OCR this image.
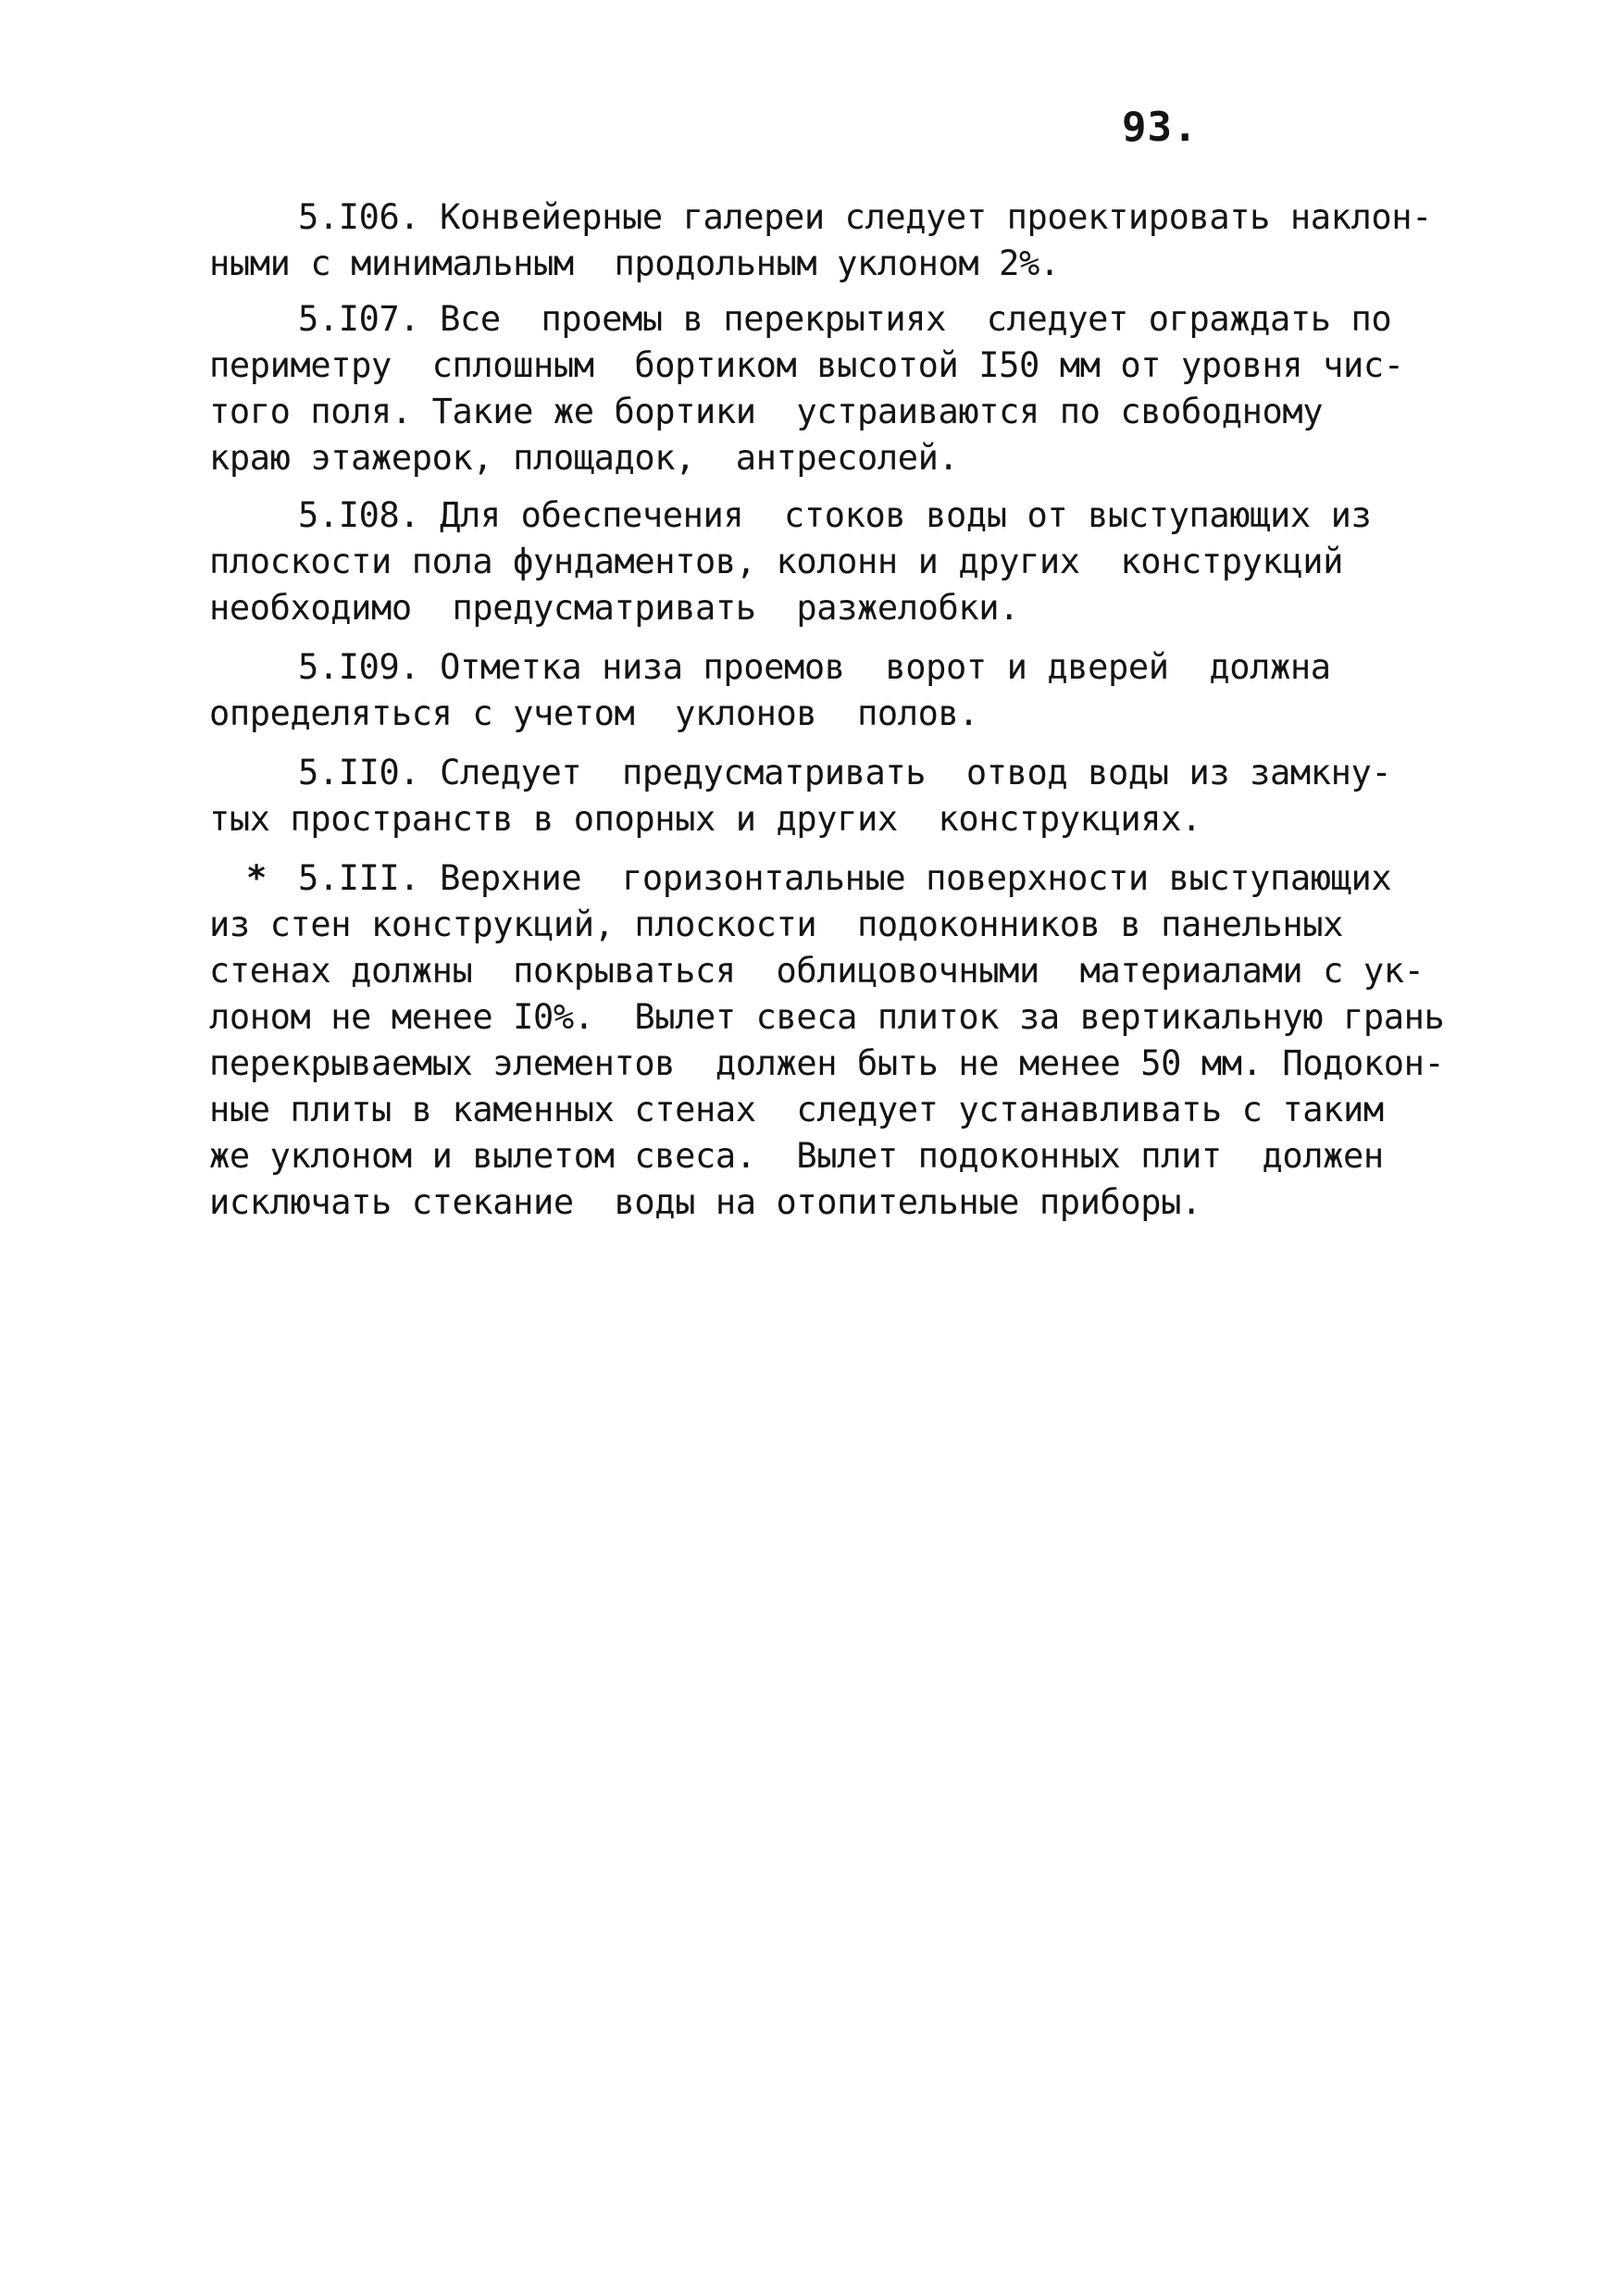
93.
5.I06. Конвейерные галереи следует проектировать наклон-
ными с минимальным  продольным уклоном 2%.
5.I07. Все  проемы в перекрытиях  следует ограждать по
периметру  сплошным  бортиком высотой I50 мм от уровня чис-
того поля. Такие же бортики  устраиваются по свободному
краю этажерок, площадок,  антресолей.
5.I08. Для обеспечения  стоков воды от выступающих из
плоскости пола фундаментов, колонн и других  конструкций
необходимо  предусматривать  разжелобки.
5.I09. Отметка низа проемов  ворот и дверей  должна
определяться с учетом  уклонов  полов.
5.II0. Следует  предусматривать  отвод воды из замкну-
тых пространств в опорных и других  конструкциях.
* 5.III. Верхние  горизонтальные поверхности выступающих
из стен конструкций, плоскости  подоконников в панельных
стенах должны  покрываться  облицовочными  материалами с ук-
лоном не менее I0%.  Вылет свеса плиток за вертикальную грань
перекрываемых элементов  должен быть не менее 50 мм. Подокон-
ные плиты в каменных стенах  следует устанавливать с таким
же уклоном и вылетом свеса.  Вылет подоконных плит  должен
исключать стекание  воды на отопительные приборы.
